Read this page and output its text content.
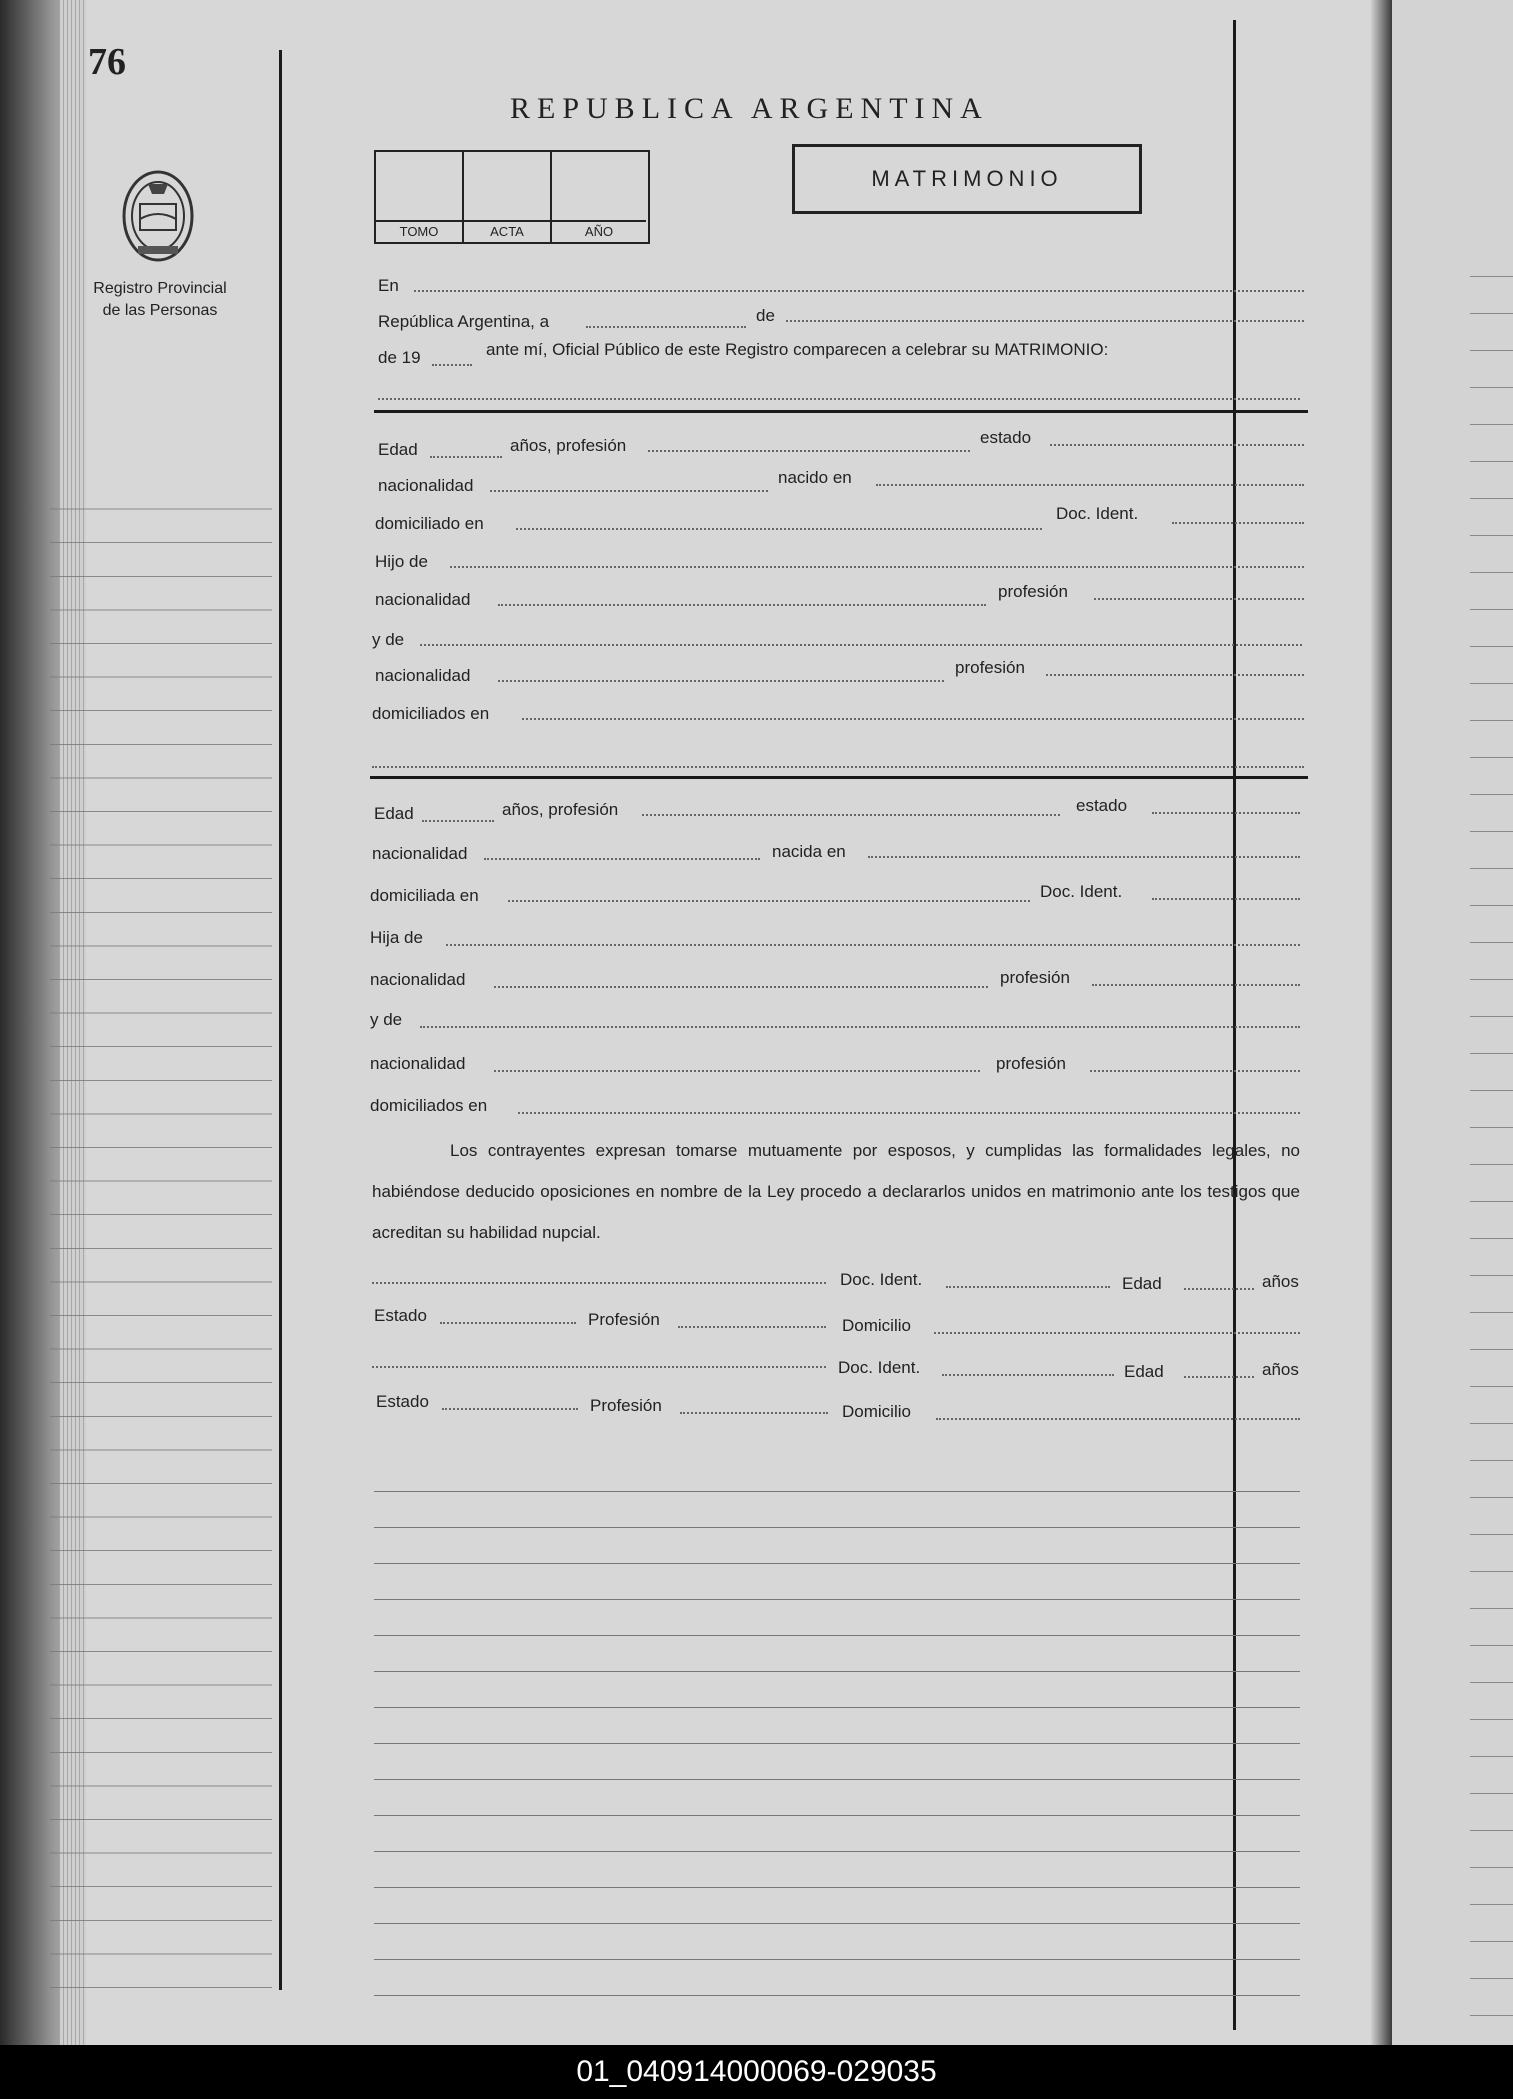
76
Registro Provincial
de las Personas
REPUBLICA ARGENTINA
TOMO	ACTA	AÑO
MATRIMONIO
En
República Argentina, a	de
de 19	ante mí, Oficial Público de este Registro comparecen a celebrar su MATRIMONIO:
Edad	años, profesión	estado
nacionalidad	nacido en
domiciliado en
Doc. Ident.
Hijo de
nacionalidad	profesión
y de
nacionalidad	profesión
domiciliados en
Edad	años, profesión	estado
nacionalidad	nacida en
domiciliada en	Doc. Ident.
Hija de
nacionalidad	profesión
y de
nacionalidad	profesión
domiciliados en
Los contrayentes expresan tomarse mutuamente por esposos, y cumplidas las formalidades legales, no habiéndose deducido oposiciones en nombre de la Ley procedo a declararlos unidos en matrimonio ante los testigos que acreditan su habilidad nupcial.
Doc. Ident.	Edad	años
Estado	Profesión	Domicilio
Doc. Ident.	Edad	años
Estado	Profesión	Domicilio
01_040914000069-029035
